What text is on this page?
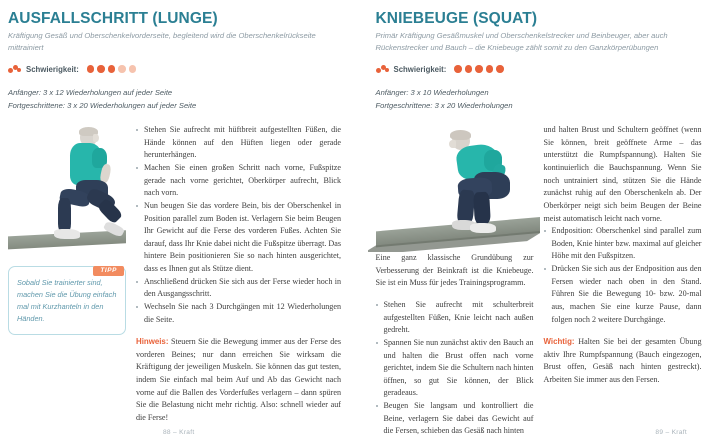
AUSFALLSCHRITT (LUNGE)

Kräftigung Gesäß und Oberschenkelvorderseite, begleitend wird die Oberschenkelrückseite mittrainiert

Schwierigkeit:
Anfänger: 3 x 12 Wiederholungen auf jeder Seite
Fortgeschrittene: 3 x 20 Wiederholungen auf jeder Seite
TIPP
Sobald Sie trainierter sind, machen Sie die Übung einfach mal mit Kurzhanteln in den Händen.
Stehen Sie aufrecht mit hüftbreit aufgestellten Füßen, die Hände können auf den Hüften liegen oder gerade herunterhängen.
Machen Sie einen großen Schritt nach vorne, Fußspitze gerade nach vorne gerichtet, Oberkörper aufrecht, Blick nach vorn.
Nun beugen Sie das vordere Bein, bis der Oberschenkel in Position parallel zum Boden ist. Verlagern Sie beim Beugen Ihr Gewicht auf die Ferse des vorderen Fußes. Achten Sie darauf, dass Ihr Knie dabei nicht die Fußspitze überragt. Das hintere Bein positionieren Sie so nach hinten ausgerichtet, dass es Ihnen gut als Stütze dient.
Anschließend drücken Sie sich aus der Ferse wieder hoch in den Ausgangsschritt.
Wechseln Sie nach 3 Durchgängen mit 12 Wiederholungen die Seite.

Hinweis: Steuern Sie die Bewegung immer aus der Ferse des vorderen Beines; nur dann erreichen Sie wirksam die Kräftigung der jeweiligen Muskeln. Sie können das gut testen, indem Sie einfach mal beim Auf und Ab das Gewicht nach vorne auf die Ballen des Vorderfußes verlagern – dann spüren Sie die Belastung nicht mehr richtig. Also: schnell wieder auf die Ferse!

88 – Kraft
KNIEBEUGE (SQUAT)

Primär Kräftigung Gesäßmuskel und Oberschenkelstrecker und Beinbeuger, aber auch Rückenstrecker und Bauch – die Kniebeuge zählt somit zu den Ganzkörperübungen

Schwierigkeit:
Anfänger: 3 x 10 Wiederholungen
Fortgeschrittene: 3 x 20 Wiederholungen

Eine ganz klassische Grundübung zur Verbesserung der Beinkraft ist die Kniebeuge. Sie ist ein Muss für jedes Trainingsprogramm.

Stehen Sie aufrecht mit schulterbreit aufgestellten Füßen, Knie leicht nach außen gedreht.
Spannen Sie nun zunächst aktiv den Bauch an und halten die Brust offen nach vorne gerichtet, indem Sie die Schultern nach hinten öffnen, so gut Sie können, der Blick geradeaus.
Beugen Sie langsam und kontrolliert die Beine, verlagern Sie dabei das Gewicht auf die Fersen, schieben das Gesäß nach hinten

und halten Brust und Schultern geöffnet (wenn Sie können, breit geöffnete Arme – das unterstützt die Rumpfspannung). Halten Sie kontinuierlich die Bauchspannung. Wenn Sie noch untrainiert sind, stützen Sie die Hände zunächst ruhig auf den Oberschenkeln ab. Der Oberkörper neigt sich beim Beugen der Beine meist automatisch leicht nach vorne.

Endposition: Oberschenkel sind parallel zum Boden, Knie hinter bzw. maximal auf gleicher Höhe mit den Fußspitzen.
Drücken Sie sich aus der Endposition aus den Fersen wieder nach oben in den Stand. Führen Sie die Bewegung 10- bzw. 20-mal aus, machen Sie eine kurze Pause, dann folgen noch 2 weitere Durchgänge.

Wichtig: Halten Sie bei der gesamten Übung aktiv Ihre Rumpfspannung (Bauch eingezogen, Brust offen, Gesäß nach hinten gestreckt). Arbeiten Sie immer aus den Fersen.

89 – Kraft
